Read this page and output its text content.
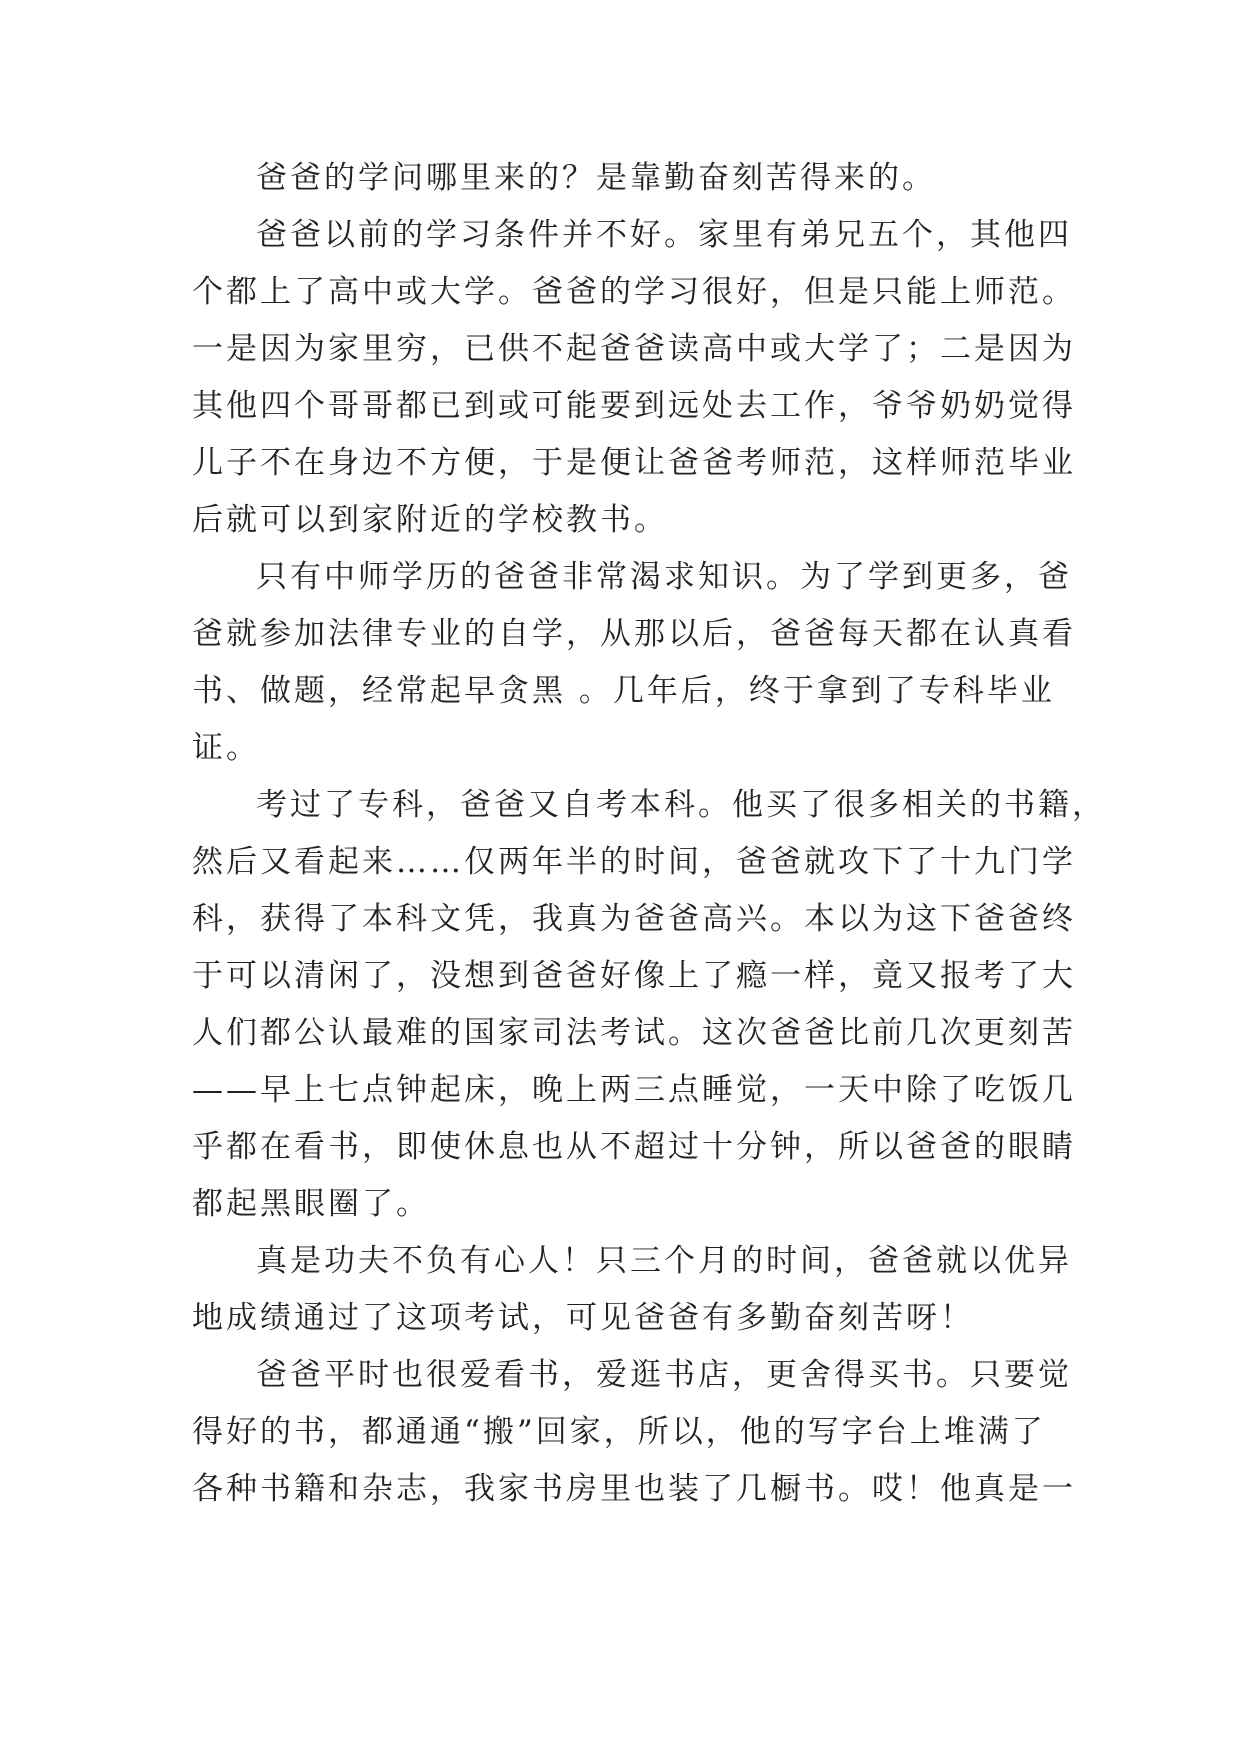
爸爸的学问哪里来的？是靠勤奋刻苦得来的。
爸爸以前的学习条件并不好。家里有弟兄五个，其他四
个都上了高中或大学。爸爸的学习很好，但是只能上师范。
一是因为家里穷，已供不起爸爸读高中或大学了；二是因为
其他四个哥哥都已到或可能要到远处去工作，爷爷奶奶觉得
儿子不在身边不方便，于是便让爸爸考师范，这样师范毕业
后就可以到家附近的学校教书。
只有中师学历的爸爸非常渴求知识。为了学到更多，爸
爸就参加法律专业的自学，从那以后，爸爸每天都在认真看
书、做题，经常起早贪黑 。几年后，终于拿到了专科毕业
证。
考过了专科，爸爸又自考本科。他买了很多相关的书籍，
然后又看起来……仅两年半的时间，爸爸就攻下了十九门学
科，获得了本科文凭，我真为爸爸高兴。本以为这下爸爸终
于可以清闲了，没想到爸爸好像上了瘾一样，竟又报考了大
人们都公认最难的国家司法考试。这次爸爸比前几次更刻苦
——早上七点钟起床，晚上两三点睡觉，一天中除了吃饭几
乎都在看书，即使休息也从不超过十分钟，所以爸爸的眼睛
都起黑眼圈了。
真是功夫不负有心人！只三个月的时间，爸爸就以优异
地成绩通过了这项考试，可见爸爸有多勤奋刻苦呀！
爸爸平时也很爱看书，爱逛书店，更舍得买书。只要觉
得好的书，都通通“搬”回家，所以，他的写字台上堆满了
各种书籍和杂志，我家书房里也装了几橱书。哎！他真是一
